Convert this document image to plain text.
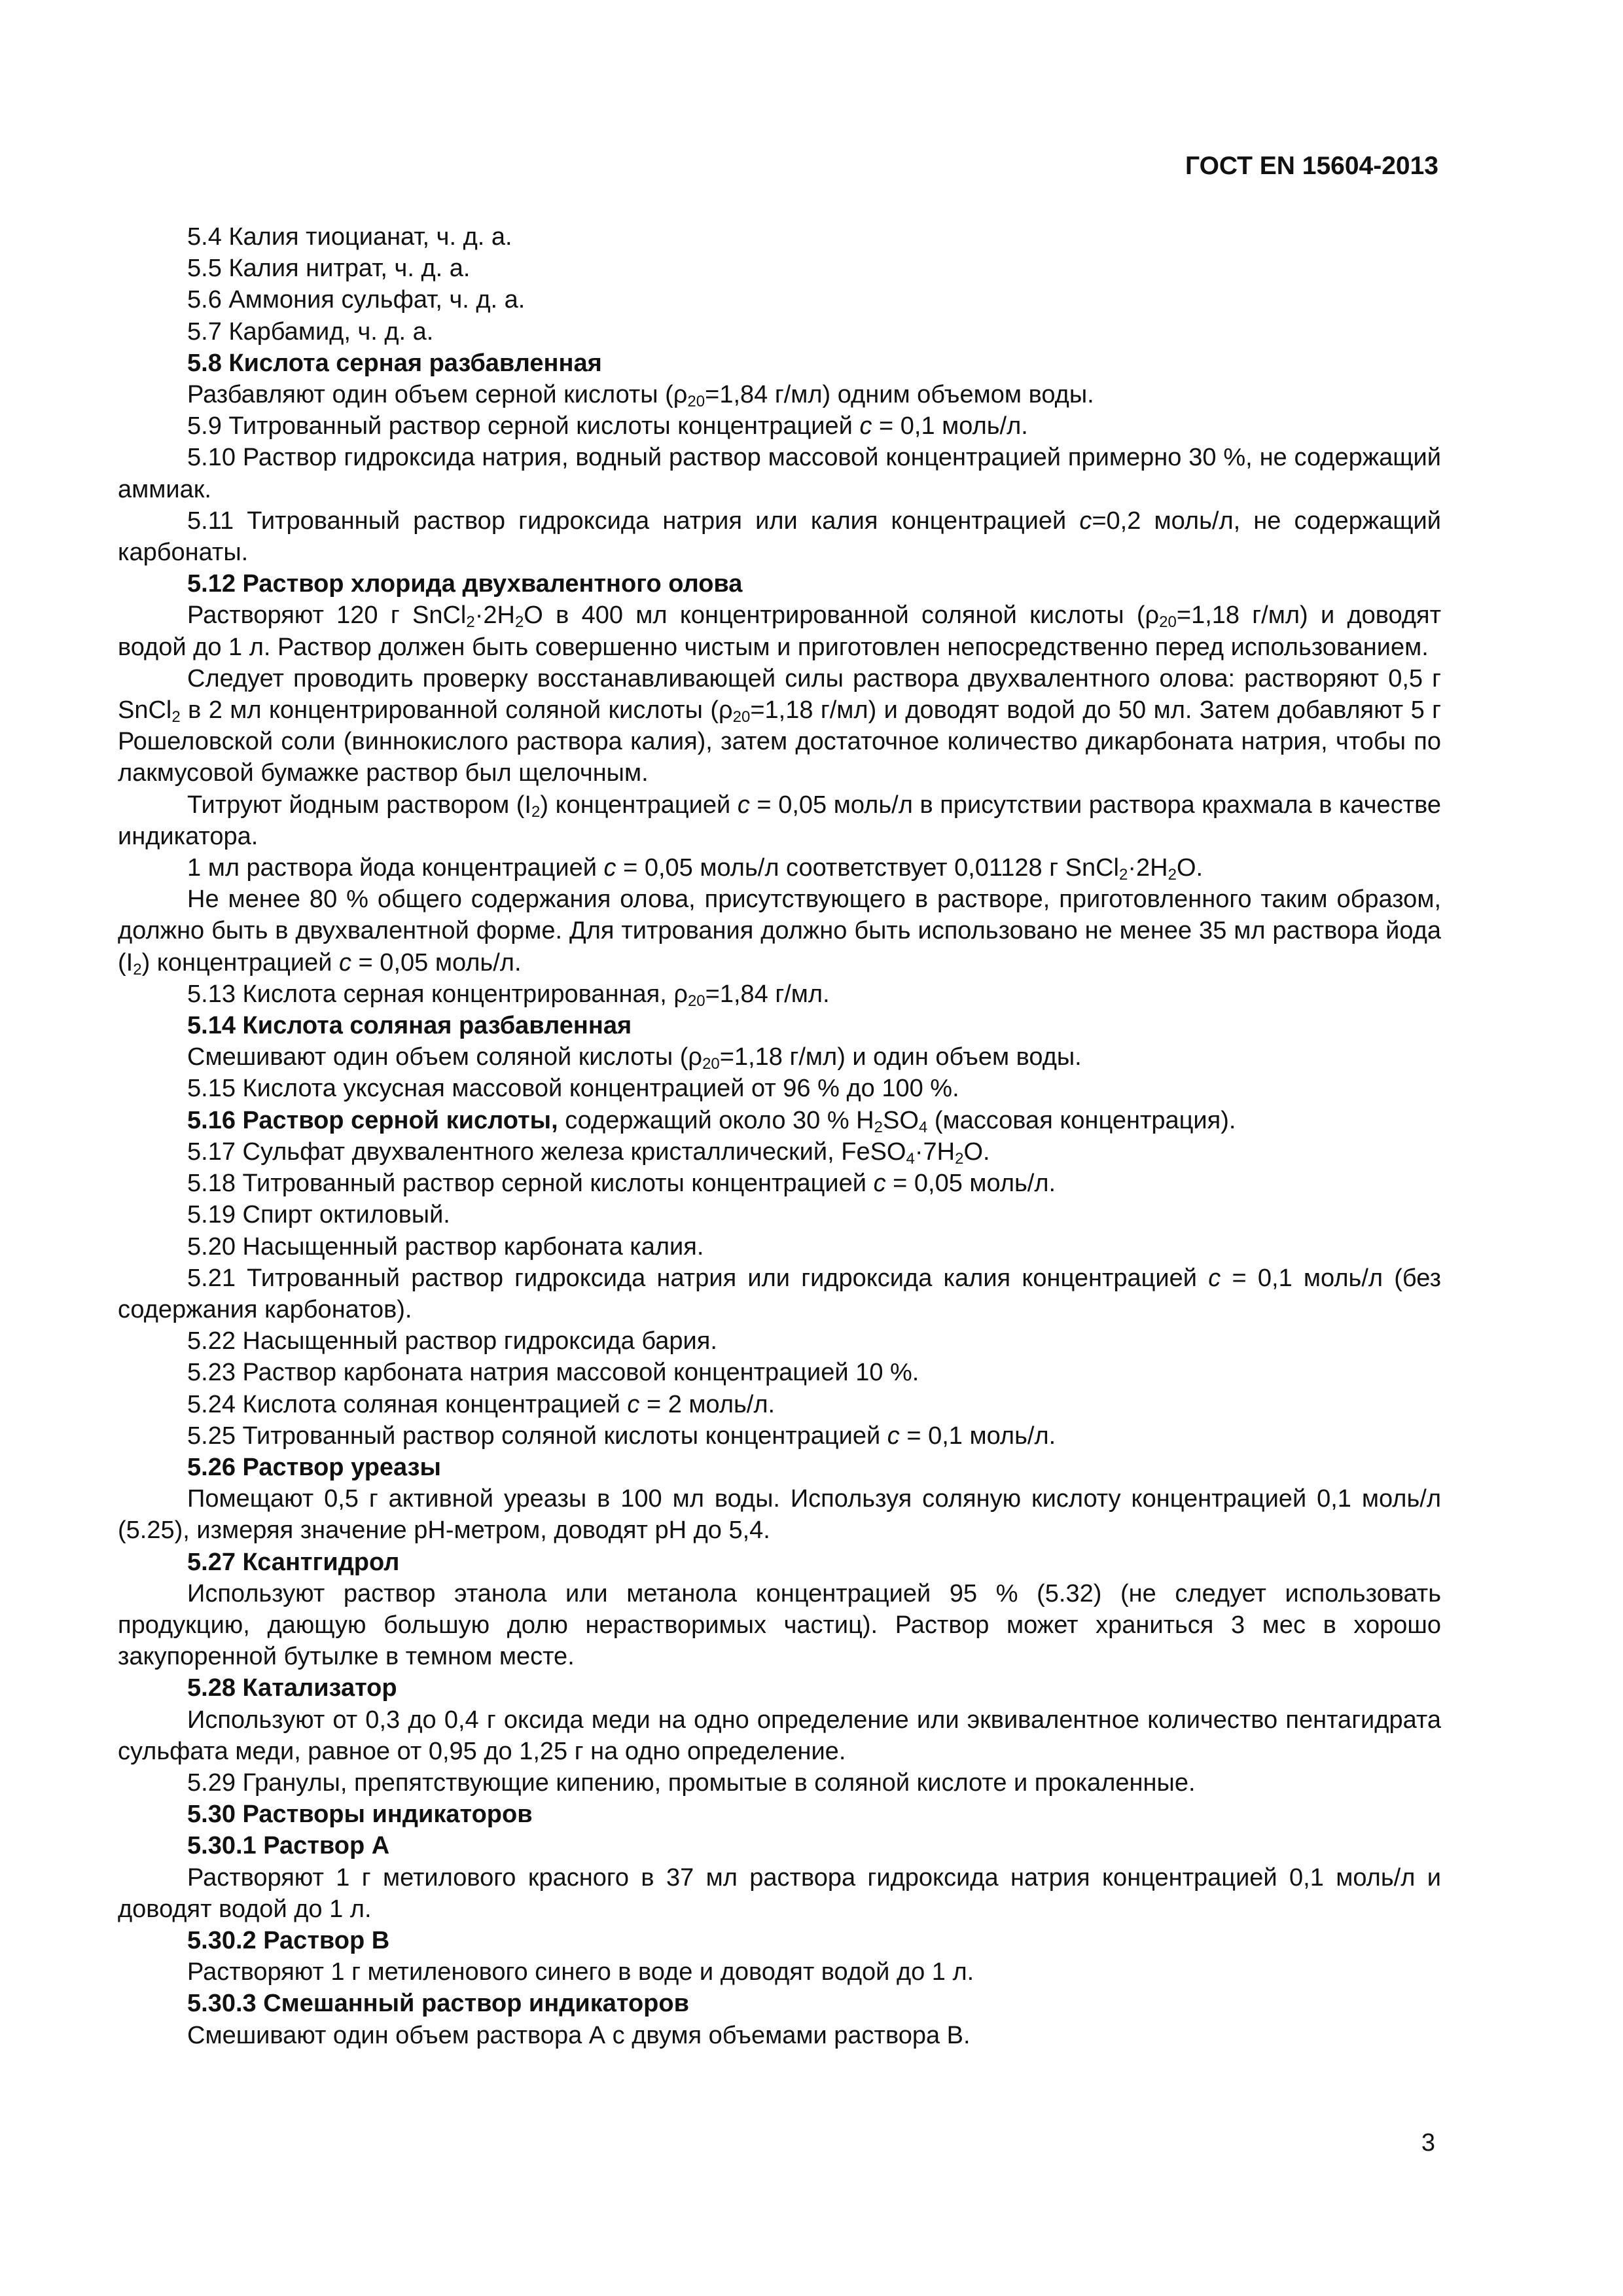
ГОСТ EN 15604-2013

5.4 Калия тиоцианат, ч. д. а.

5.5 Калия нитрат, ч. д. а.

5.6 Аммония сульфат, ч. д. а.

5.7 Карбамид, ч. д. а.

5.8 Кислота серная разбавленная

Разбавляют один объем серной кислоты ($\rho_{20}=1,84$ г/мл) одним объемом воды.

5.9 Титрованный раствор серной кислоты концентрацией c = 0,1 моль/л.

5.10 Раствор гидроксида натрия, водный раствор массовой концентрацией примерно 30 %, не содержащий аммиак.

5.11 Титрованный раствор гидроксида натрия или калия концентрацией c=0,2 моль/л, не содержащий карбонаты.

5.12 Раствор хлорида двухвалентного олова

Растворяют 120 г $SnCl_2\cdot 2H_2O$ в 400 мл концентрированной соляной кислоты ($\rho_{20}=1,18$ г/мл) и доводят водой до 1 л. Раствор должен быть совершенно чистым и приготовлен непосредственно перед использованием.

Следует проводить проверку восстанавливающей силы раствора двухвалентного олова: растворяют 0,5 г SnCl$_2$ в 2 мл концентрированной соляной кислоты ($\rho_{20}=1,18$ г/мл) и доводят водой до 50 мл. Затем добавляют 5 г Рошеловской соли (виннокислого раствора калия), затем достаточное количество дикарбоната натрия, чтобы по лакмусовой бумажке раствор был щелочным.

Титруют йодным раствором $(I_2)$ концентрацией c = 0,05 моль/л в присутствии раствора крахмала в качестве индикатора.

1 мл раствора йода концентрацией c = 0,05 моль/л соответствует 0,01128 г $SnCl_2\cdot 2H_2O$.

Не менее 80 % общего содержания олова, присутствующего в растворе, приготовленного таким образом, должно быть в двухвалентной форме. Для титрования должно быть использовано не менее 35 мл раствора йода $(I_2)$ концентрацией c = 0,05 моль/л.

5.13 Кислота серная концентрированная, $\rho_{20}=1,84$ г/мл.

5.14 Кислота соляная разбавленная

Смешивают один объем соляной кислоты ($\rho_{20}=1,18$ г/мл) и один объем воды.

5.15 Кислота уксусная массовой концентрацией от 96 % до 100 %.

5.16 Раствор серной кислоты, содержащий около 30 % $H_2SO_4$ (массовая концентрация).

5.17 Сульфат двухвалентного железа кристаллический, $FeSO_4\cdot 7H_2O$.

5.18 Титрованный раствор серной кислоты концентрацией c = 0,05 моль/л.

5.19 Спирт октиловый.

5.20 Насыщенный раствор карбоната калия.

5.21 Титрованный раствор гидроксида натрия или гидроксида калия концентрацией c = 0,1 моль/л (без содержания карбонатов).

5.22 Насыщенный раствор гидроксида бария.

5.23 Раствор карбоната натрия массовой концентрацией 10 %.

5.24 Кислота соляная концентрацией c = 2 моль/л.

5.25 Титрованный раствор соляной кислоты концентрацией c = 0,1 моль/л.

5.26 Раствор уреазы

Помещают 0,5 г активной уреазы в 100 мл воды. Используя соляную кислоту концентрацией 0,1 моль/л (5.25), измеряя значение рН-метром, доводят рН до 5,4.

5.27 Ксантгидрол

Используют раствор этанола или метанола концентрацией 95 % (5.32) (не следует использовать продукцию, дающую большую долю нерастворимых частиц). Раствор может храниться 3 мес в хорошо закупоренной бутылке в темном месте.

5.28 Катализатор

Используют от 0,3 до 0,4 г оксида меди на одно определение или эквивалентное количество пентагидрата сульфата меди, равное от 0,95 до 1,25 г на одно определение.

5.29 Гранулы, препятствующие кипению, промытые в соляной кислоте и прокаленные.

5.30 Растворы индикаторов

5.30.1 Раствор А

Растворяют 1 г метилового красного в 37 мл раствора гидроксида натрия концентрацией 0,1 моль/л и доводят водой до 1 л.

5.30.2 Раствор В

Растворяют 1 г метиленового синего в воде и доводят водой до 1 л.

5.30.3 Смешанный раствор индикаторов

Смешивают один объем раствора А с двумя объемами раствора В.

3
